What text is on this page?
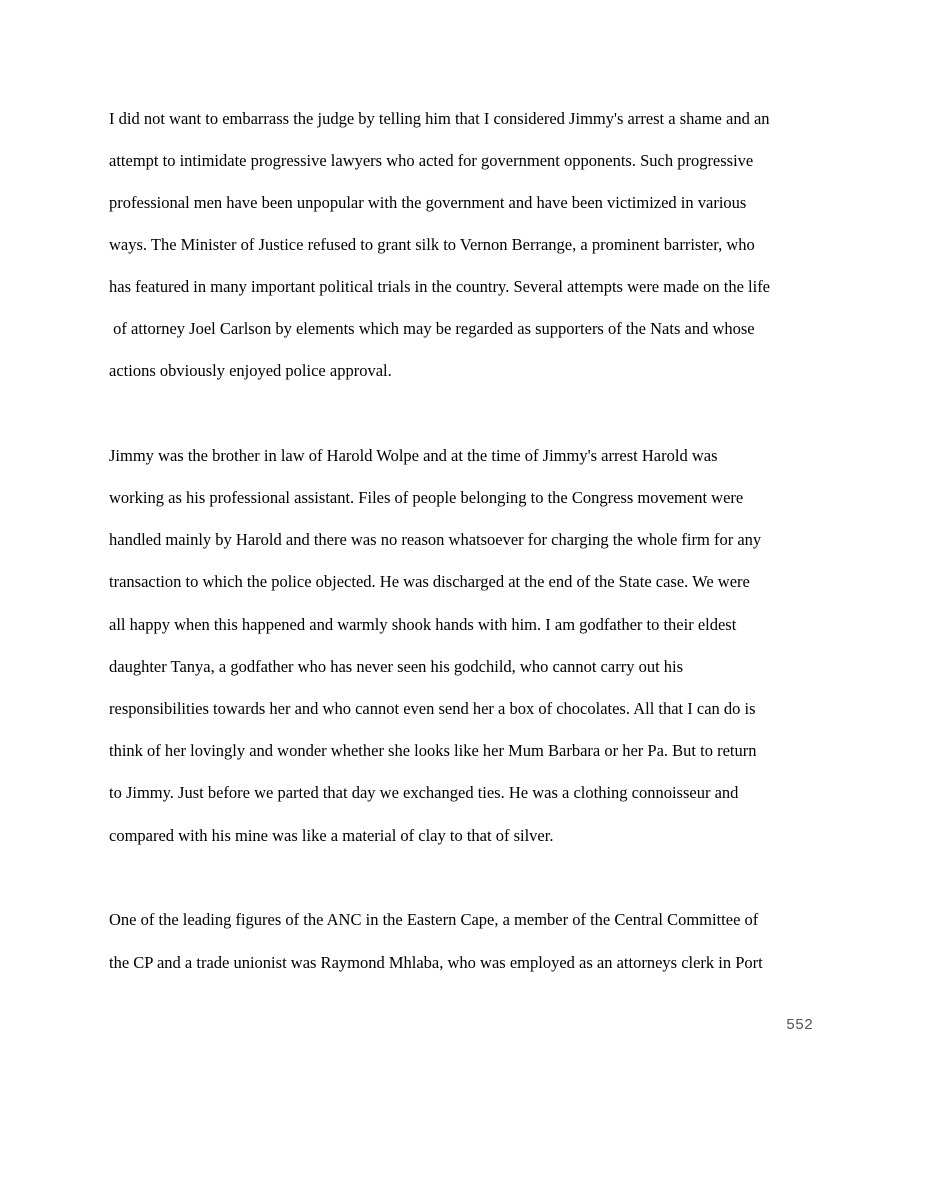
I did not want to embarrass the judge by telling him that I considered Jimmy's arrest a shame and an

attempt to intimidate progressive lawyers who acted for government opponents. Such progressive

professional men have been unpopular with the government and have been victimized in various

ways. The Minister of Justice refused to grant silk to Vernon Berrange, a prominent barrister, who

has featured in many important political trials in the country. Several attempts were made on the life

of attorney Joel Carlson by elements which may be regarded as supporters of the Nats and whose

actions obviously enjoyed police approval.

Jimmy was the brother in law of Harold Wolpe and at the time of Jimmy's arrest Harold was

working as his professional assistant. Files of people belonging to the Congress movement were

handled mainly by Harold and there was no reason whatsoever for charging the whole firm for any

transaction to which the police objected. He was discharged at the end of the State case. We were

all happy when this happened and warmly shook hands with him. I am godfather to their eldest

daughter Tanya, a godfather who has never seen his godchild, who cannot carry out his

responsibilities towards her and who cannot even send her a box of chocolates. All that I can do is

think of her lovingly and wonder whether she looks like her Mum Barbara or her Pa. But to return

to Jimmy. Just before we parted that day we exchanged ties. He was a clothing connoisseur and

compared with his mine was like a material of clay to that of silver.

One of the leading figures of the ANC in the Eastern Cape, a member of the Central Committee of

the CP and a trade unionist was Raymond Mhlaba, who was employed as an attorneys clerk in Port

552
